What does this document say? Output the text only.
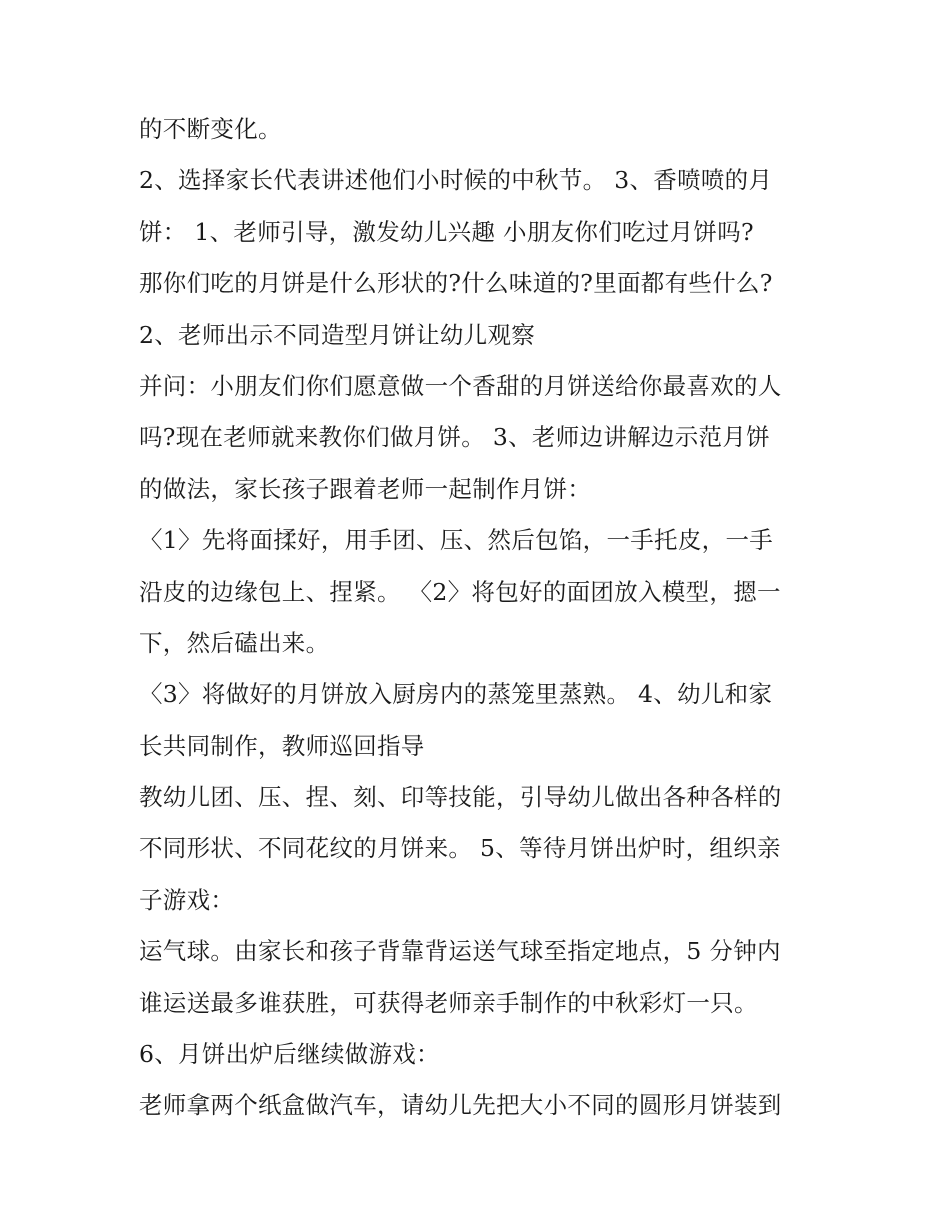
的不断变化。
2、选择家长代表讲述他们小时候的中秋节。 3、香喷喷的月
饼： 1、老师引导，激发幼儿兴趣 小朋友你们吃过月饼吗?
那你们吃的月饼是什么形状的?什么味道的?里面都有些什么?
2、老师出示不同造型月饼让幼儿观察
并问：小朋友们你们愿意做一个香甜的月饼送给你最喜欢的人
吗?现在老师就来教你们做月饼。 3、老师边讲解边示范月饼
的做法，家长孩子跟着老师一起制作月饼：
〈1〉先将面揉好，用手团、压、然后包馅，一手托皮，一手
沿皮的边缘包上、捏紧。 〈2〉将包好的面团放入模型，摁一
下，然后磕出来。
〈3〉将做好的月饼放入厨房内的蒸笼里蒸熟。 4、幼儿和家
长共同制作，教师巡回指导
教幼儿团、压、捏、刻、印等技能，引导幼儿做出各种各样的
不同形状、不同花纹的月饼来。 5、等待月饼出炉时，组织亲
子游戏：
运气球。由家长和孩子背靠背运送气球至指定地点，5 分钟内
谁运送最多谁获胜，可获得老师亲手制作的中秋彩灯一只。
6、月饼出炉后继续做游戏：
老师拿两个纸盒做汽车，请幼儿先把大小不同的圆形月饼装到
